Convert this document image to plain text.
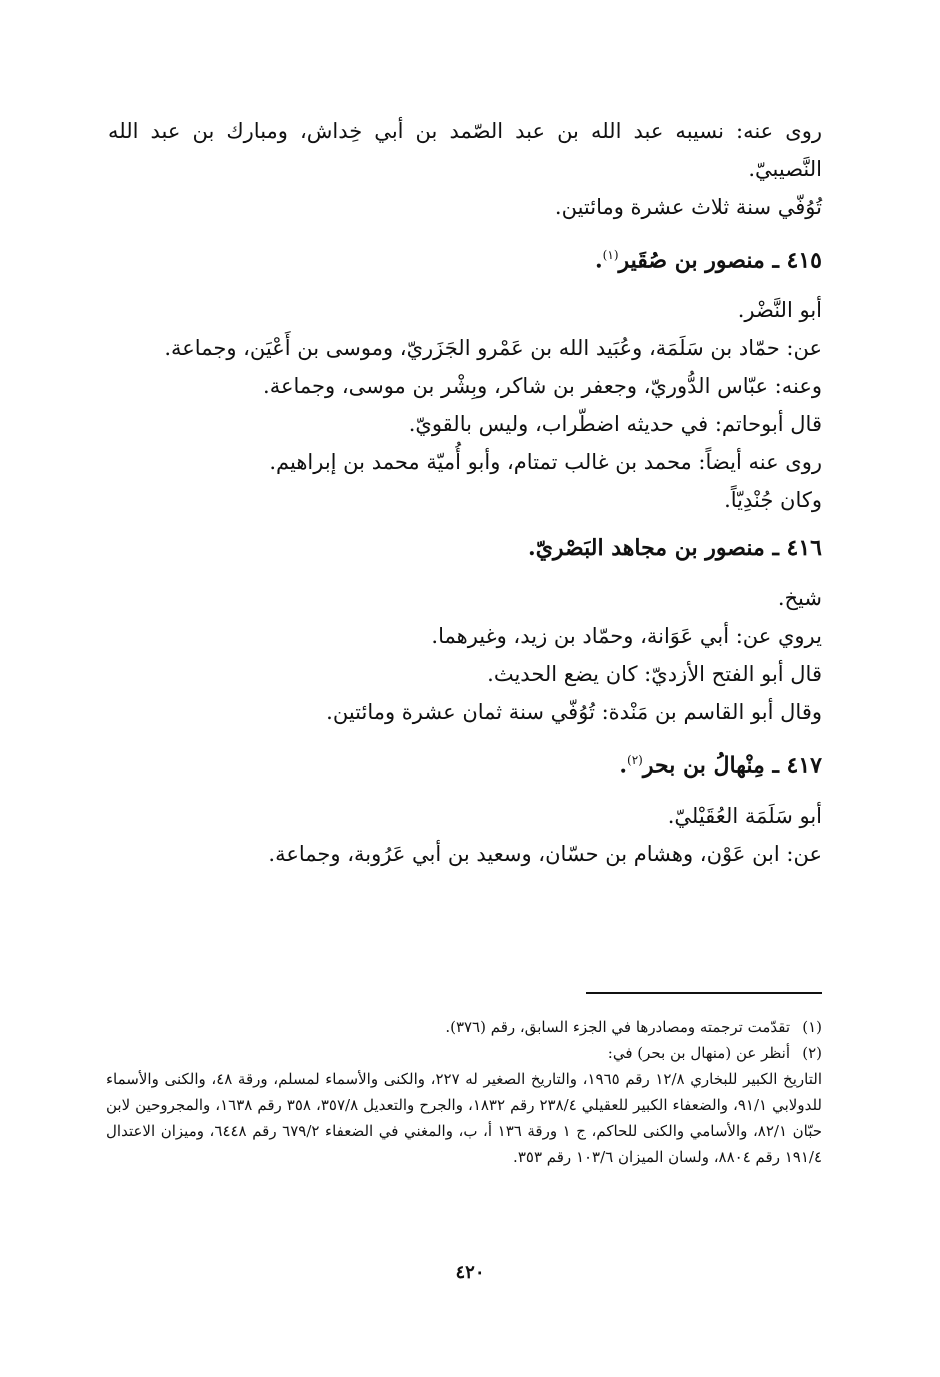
روى عنه: نسيبه عبد الله بن عبد الصّمد بن أبي خِداش، ومبارك بن عبد الله النَّصيبيّ.

تُوُفّي سنة ثلاث عشرة ومائتين.

٤١٥ ـ منصور بن صُقَير$^{(١)}$.

أبو النَّضْر.

عن: حمّاد بن سَلَمَة، وعُبَيد الله بن عَمْرو الجَزَريّ، وموسى بن أَعْيَن، وجماعة.

وعنه: عبّاس الدُّوريّ، وجعفر بن شاكر، وبِشْر بن موسى، وجماعة.

قال أبوحاتم: في حديثه اضطّراب، وليس بالقويّ.

روى عنه أيضاً: محمد بن غالب تمتام، وأبو أُميّة محمد بن إبراهيم.

وكان جُنْدِيّاً.

٤١٦ ـ منصور بن مجاهد البَصْريّ.

شيخ.

يروي عن: أبي عَوَانة، وحمّاد بن زيد، وغيرهما.

قال أبو الفتح الأزديّ: كان يضع الحديث.

وقال أبو القاسم بن مَنْدة: تُوُفّي سنة ثمان عشرة ومائتين.

٤١٧ ـ مِنْهالُ بن بحر$^{(٢)}$.

أبو سَلَمَة العُقَيْليّ.

عن: ابن عَوْن، وهشام بن حسّان، وسعيد بن أبي عَرُوبة، وجماعة.

(١)تقدّمت ترجمته ومصادرها في الجزء السابق، رقم (٣٧٦).

(٢)أنظر عن (منهال بن بحر) في:

التاريخ الكبير للبخاري ١٢/٨ رقم ١٩٦٥، والتاريخ الصغير له ٢٢٧، والكنى والأسماء لمسلم، ورقة ٤٨، والكنى والأسماء للدولابي ٩١/١، والضعفاء الكبير للعقيلي ٢٣٨/٤ رقم ١٨٣٢، والجرح والتعديل ٣٥٧/٨، ٣٥٨ رقم ١٦٣٨، والمجروحين لابن حبّان ٨٢/١، والأسامي والكنى للحاكم، ج ١ ورقة ١٣٦ أ، ب، والمغني في الضعفاء ٦٧٩/٢ رقم ٦٤٤٨، وميزان الاعتدال ١٩١/٤ رقم ٨٨٠٤، ولسان الميزان ١٠٣/٦ رقم ٣٥٣.

٤٢٠
